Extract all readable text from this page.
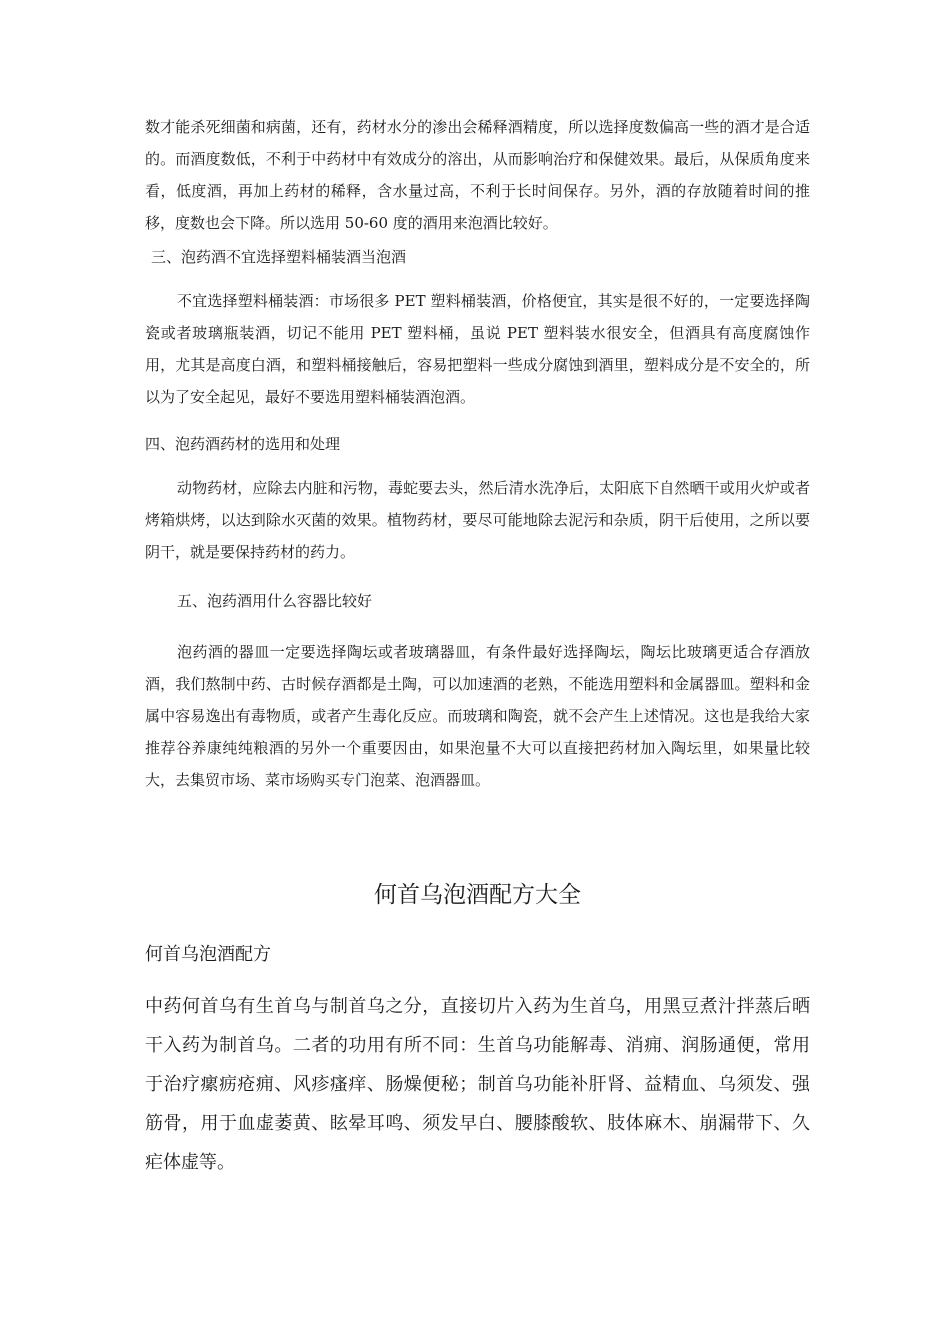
数才能杀死细菌和病菌，还有，药材水分的渗出会稀释酒精度，所以选择度数偏高一些的酒才是合适的。而酒度数低，不利于中药材中有效成分的溶出，从而影响治疗和保健效果。最后，从保质角度来看，低度酒，再加上药材的稀释，含水量过高，不利于长时间保存。另外，酒的存放随着时间的推移，度数也会下降。所以选用 50-60 度的酒用来泡酒比较好。

三、泡药酒不宜选择塑料桶装酒当泡酒

不宜选择塑料桶装酒：市场很多 PET 塑料桶装酒，价格便宜，其实是很不好的，一定要选择陶瓷或者玻璃瓶装酒，切记不能用 PET 塑料桶，虽说 PET 塑料装水很安全，但酒具有高度腐蚀作用，尤其是高度白酒，和塑料桶接触后，容易把塑料一些成分腐蚀到酒里，塑料成分是不安全的，所以为了安全起见，最好不要选用塑料桶装酒泡酒。

四、泡药酒药材的选用和处理

动物药材，应除去内脏和污物，毒蛇要去头，然后清水洗净后，太阳底下自然晒干或用火炉或者烤箱烘烤，以达到除水灭菌的效果。植物药材，要尽可能地除去泥污和杂质，阴干后使用，之所以要阴干，就是要保持药材的药力。

五、泡药酒用什么容器比较好

泡药酒的器皿一定要选择陶坛或者玻璃器皿，有条件最好选择陶坛，陶坛比玻璃更适合存酒放酒，我们熬制中药、古时候存酒都是土陶，可以加速酒的老熟，不能选用塑料和金属器皿。塑料和金属中容易逸出有毒物质，或者产生毒化反应。而玻璃和陶瓷，就不会产生上述情况。这也是我给大家推荐谷养康纯纯粮酒的另外一个重要因由，如果泡量不大可以直接把药材加入陶坛里，如果量比较大，去集贸市场、菜市场购买专门泡菜、泡酒器皿。

何首乌泡酒配方大全

何首乌泡酒配方

中药何首乌有生首乌与制首乌之分，直接切片入药为生首乌，用黑豆煮汁拌蒸后晒干入药为制首乌。二者的功用有所不同：生首乌功能解毒、消痈、润肠通便，常用于治疗瘰疬疮痈、风疹瘙痒、肠燥便秘；制首乌功能补肝肾、益精血、乌须发、强筋骨，用于血虚萎黄、眩晕耳鸣、须发早白、腰膝酸软、肢体麻木、崩漏带下、久疟体虚等。
